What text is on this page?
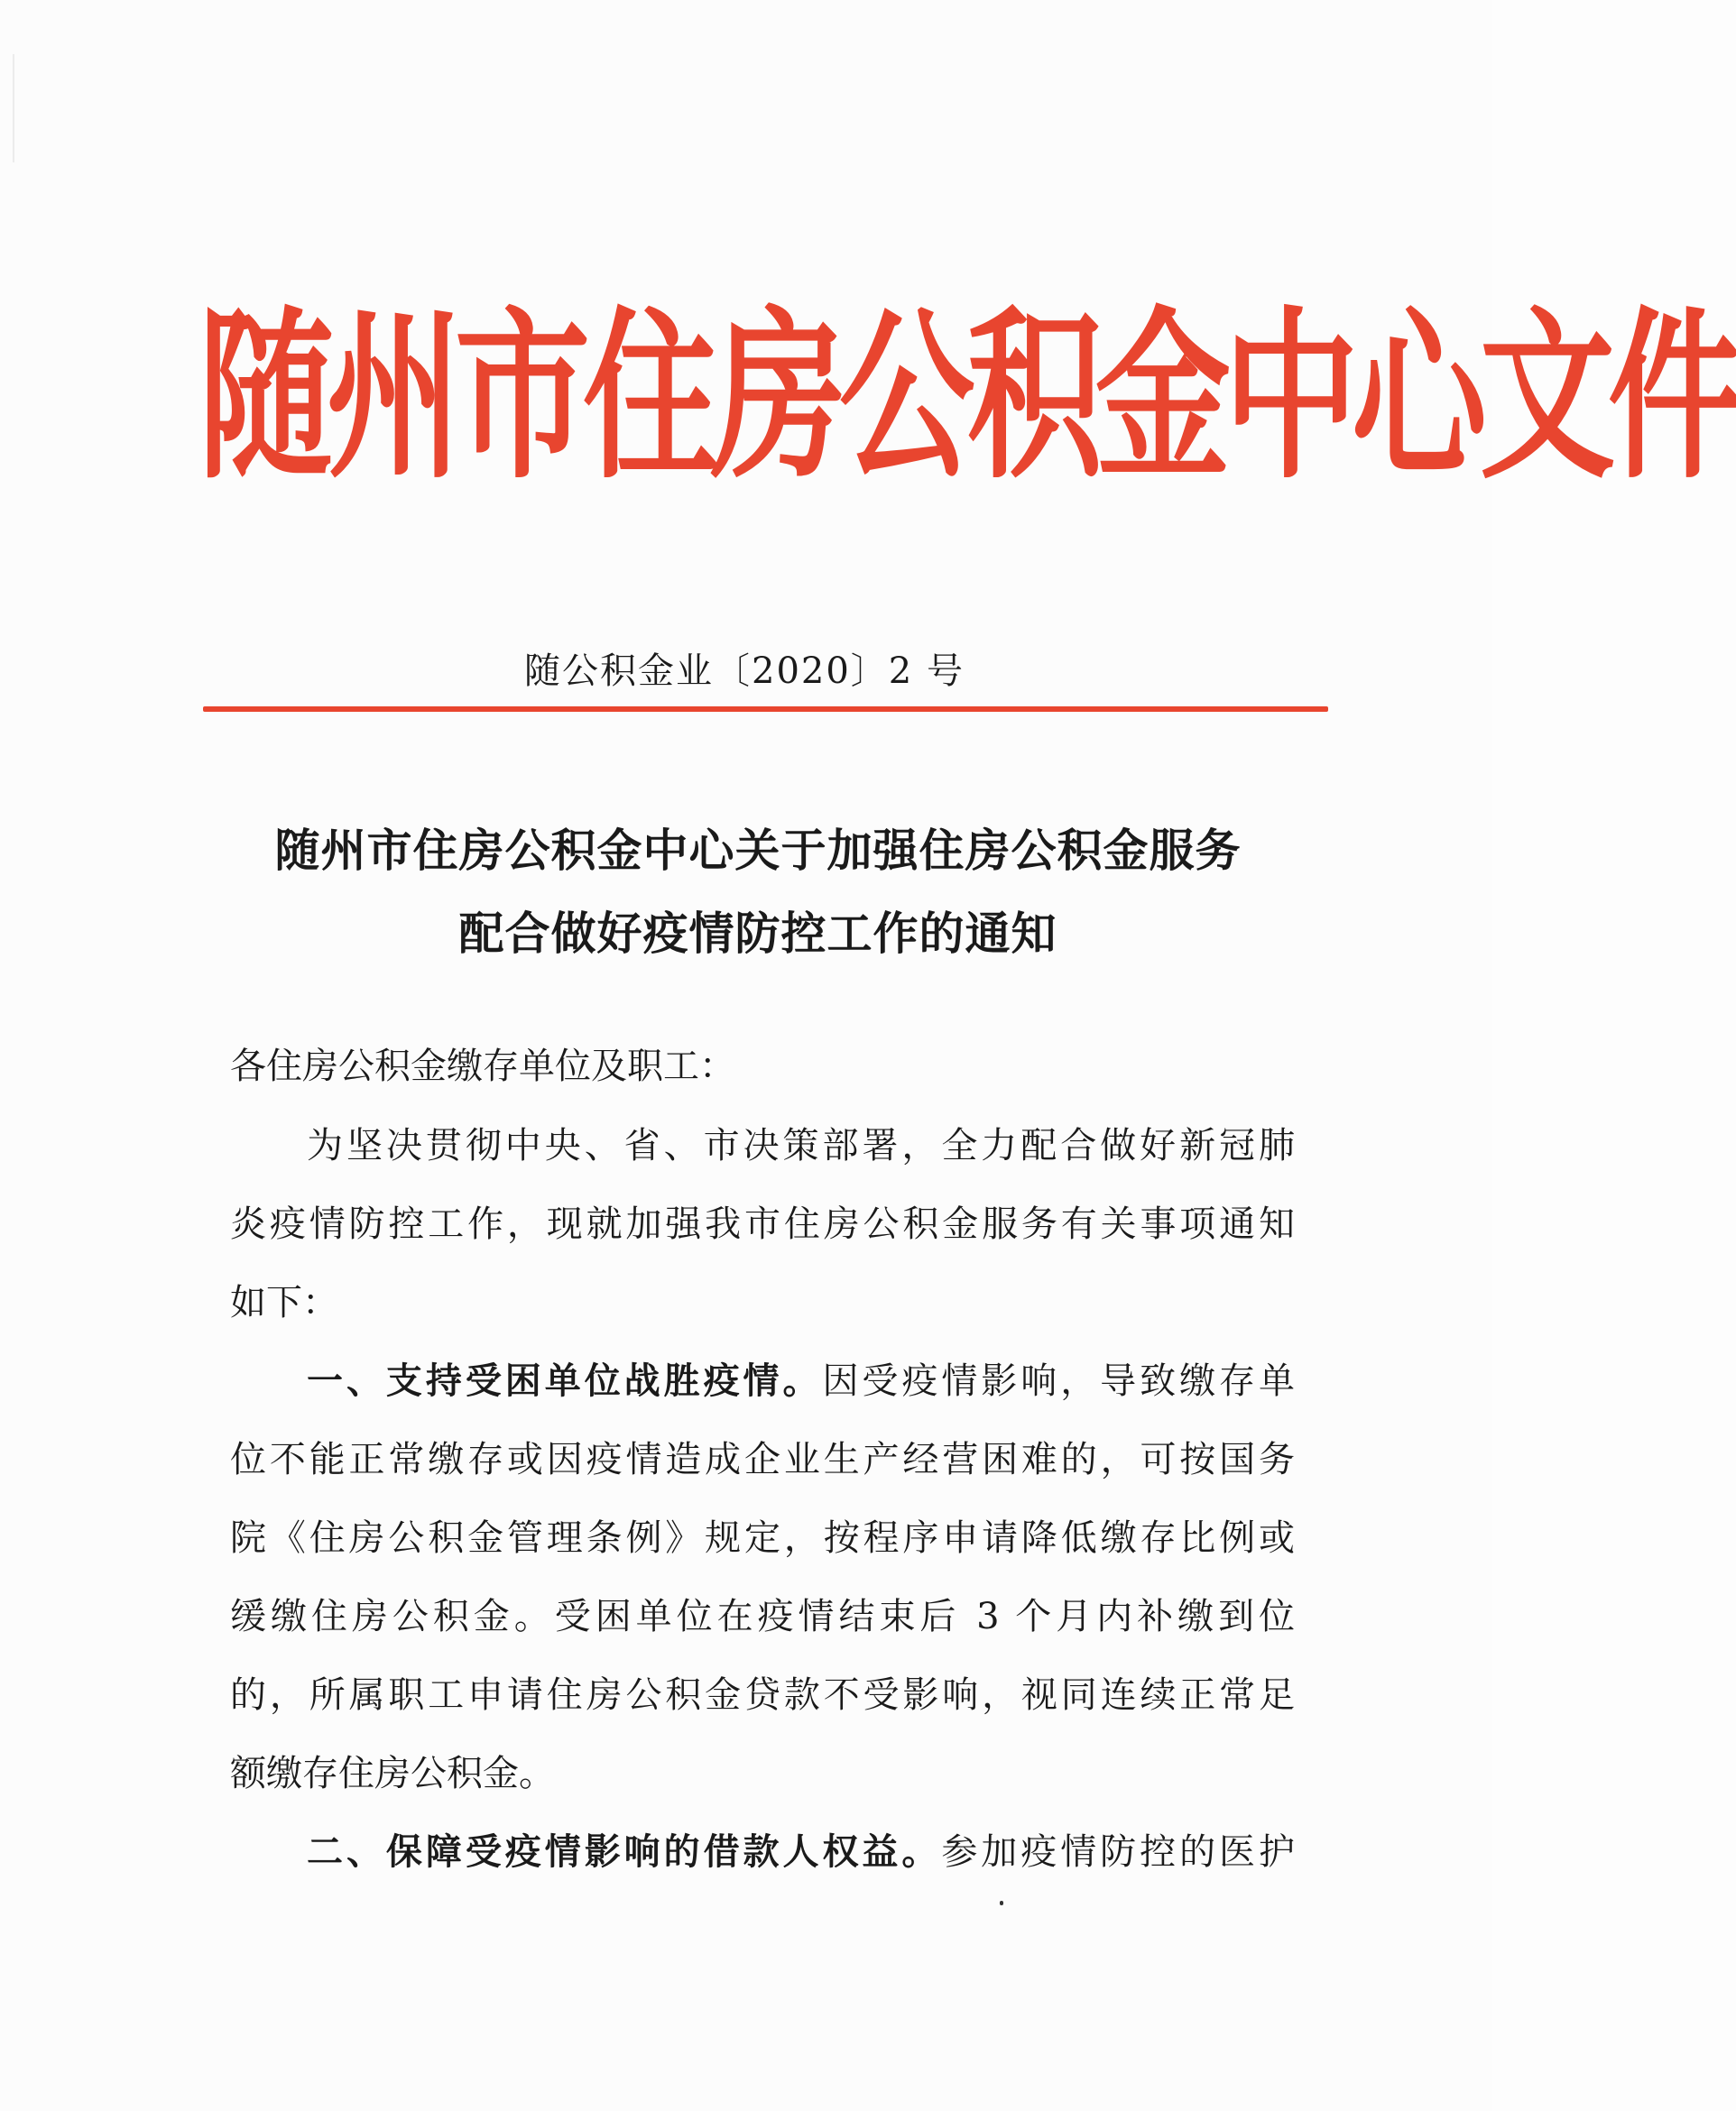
随州市住房公积金中心文件
随公积金业〔2020〕2 号
随州市住房公积金中心关于加强住房公积金服务
配合做好疫情防控工作的通知
各住房公积金缴存单位及职工：
为坚决贯彻中央、省、市决策部署，全力配合做好新冠肺
炎疫情防控工作，现就加强我市住房公积金服务有关事项通知
如下：
一、支持受困单位战胜疫情。因受疫情影响，导致缴存单
位不能正常缴存或因疫情造成企业生产经营困难的，可按国务
院《住房公积金管理条例》规定，按程序申请降低缴存比例或
缓缴住房公积金。受困单位在疫情结束后 3 个月内补缴到位
的，所属职工申请住房公积金贷款不受影响，视同连续正常足
额缴存住房公积金。
二、保障受疫情影响的借款人权益。参加疫情防控的医护
